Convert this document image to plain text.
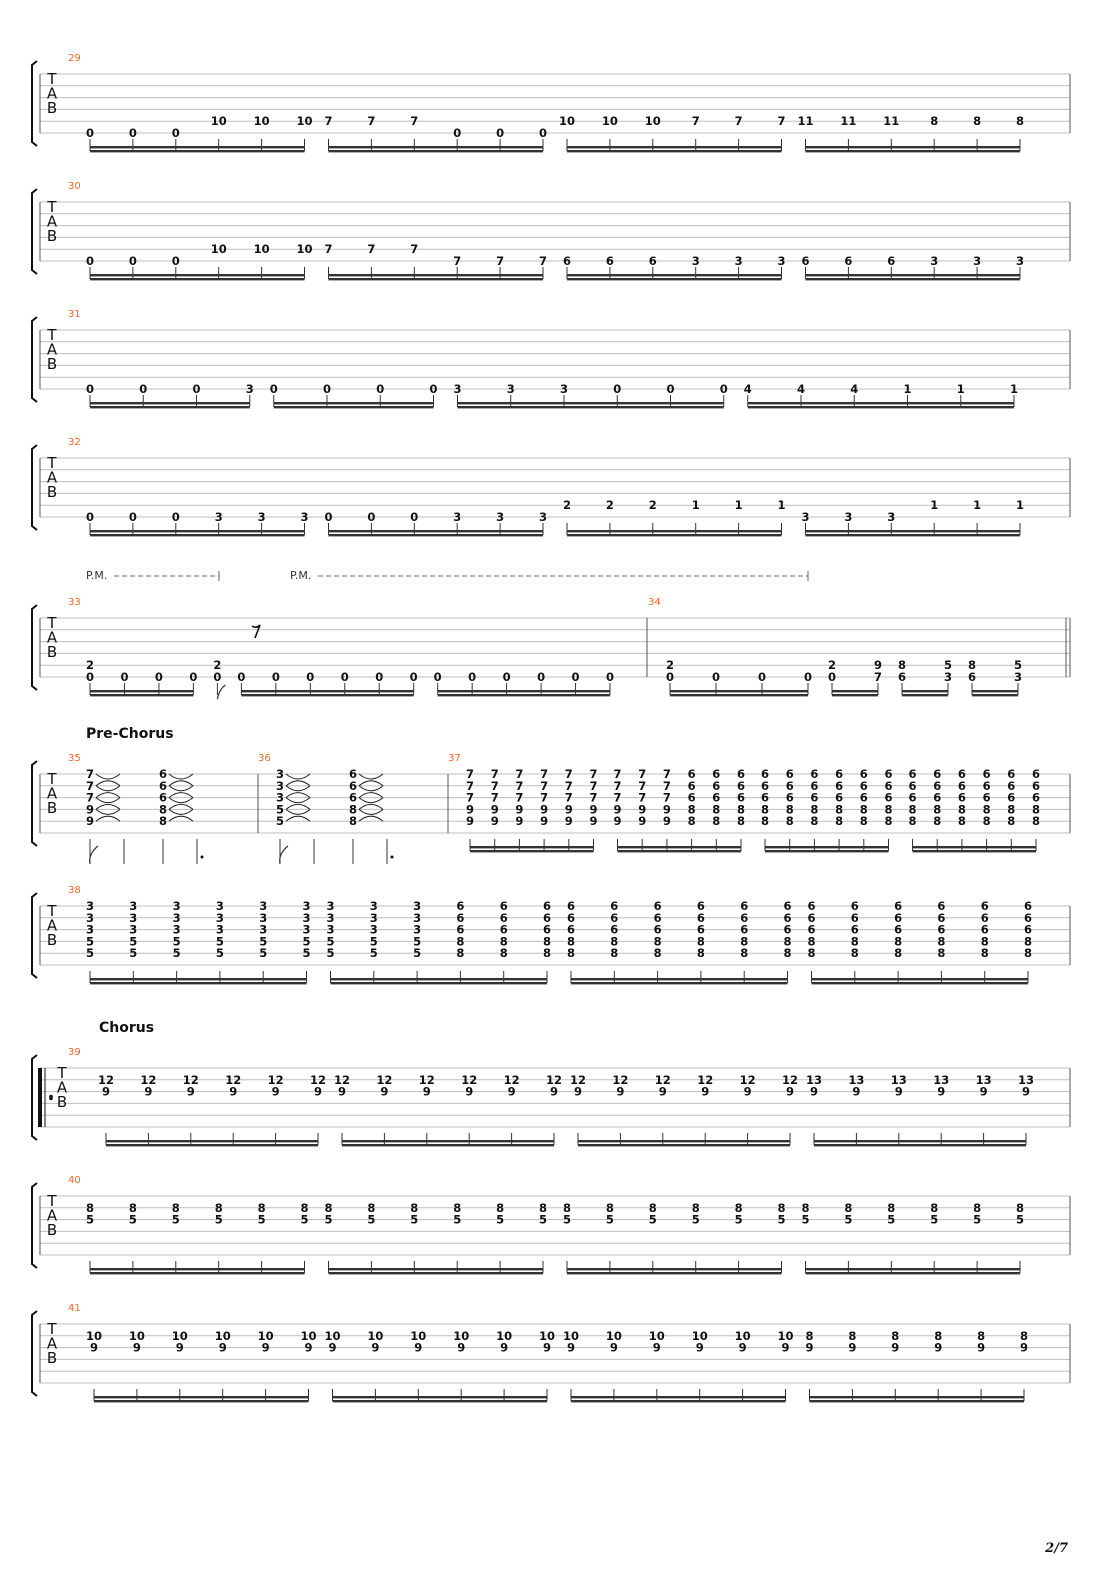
T
A
B
29
0	0	0
10 10 10 7	7	7
0	0	0
10 10 10	7	7	7 11 11 11	8	8	8
T
A
B
30
0	0	0
10 10 10 7	7	7
7	7	7 6	6	6	3	3	3 6	6	6	3	3	3
T
A
B
31
0	0	0	3 0	0	0	0 3	3	3	0	0	0 4	4	4	1	1	1
T
A
B
32
0	0	0	3	3	3 0	0	0	3	3	3
2	2	2	1	1	1
3	3	3
1	1	1
T
A
B
P.M.	P.M.
33
2
0 0 0 0
2
0 0 0 0 0 0 0 0 0 0 0 0 0
34
2
0	0	0	0
2
0
9
7
8
6
5
3
8
6
5
3
T
A
B
Pre-Chorus
35
7
7
7
9
9
6
6
6
8
8
36
3
3
3
5
5
6
6
6
8
8
37
7
7
7
9
9
7
7
7
9
9
7
7
7
9
9
7
7
7
9
9
7
7
7
9
9
7
7
7
9
9
7
7
7
9
9
7
7
7
9
9
7
7
7
9
9
6
6
6
8
8
6
6
6
8
8
6
6
6
8
8
6
6
6
8
8
6
6
6
8
8
6
6
6
8
8
6
6
6
8
8
6
6
6
8
8
6
6
6
8
8
6
6
6
8
8
6
6
6
8
8
6
6
6
8
8
6
6
6
8
8
6
6
6
8
8
6
6
6
8
8
T
A
B
38
3
3
3
5
5
3
3
3
5
5
3
3
3
5
5
3
3
3
5
5
3
3
3
5
5
3
3
3
5
5
3
3
3
5
5
3
3
3
5
5
3
3
3
5
5
6
6
6
8
8
6
6
6
8
8
6
6
6
8
8
6
6
6
8
8
6
6
6
8
8
6
6
6
8
8
6
6
6
8
8
6
6
6
8
8
6
6
6
8
8
6
6
6
8
8
6
6
6
8
8
6
6
6
8
8
6
6
6
8
8
6
6
6
8
8
6
6
6
8
8
T
A
B
Chorus
39
12
9
12
9
12
9
12
9
12
9
12
9
12
9
12
9
12
9
12
9
12
9
12
9
12
9
12
9
12
9
12
9
12
9
12
9
13
9
13
9
13
9
13
9
13
9
13
9
T
A
B
40
8
5
8
5
8
5
8
5
8
5
8
5
8
5
8
5
8
5
8
5
8
5
8
5
8
5
8
5
8
5
8
5
8
5
8
5
8
5
8
5
8
5
8
5
8
5
8
5
T
A
B
41
10
9
10
9
10
9
10
9
10
9
10
9
10
9
10
9
10
9
10
9
10
9
10
9
10
9
10
9
10
9
10
9
10
9
10
9
8
9
8
9
8
9
8
9
8
9
8
9
2/7
